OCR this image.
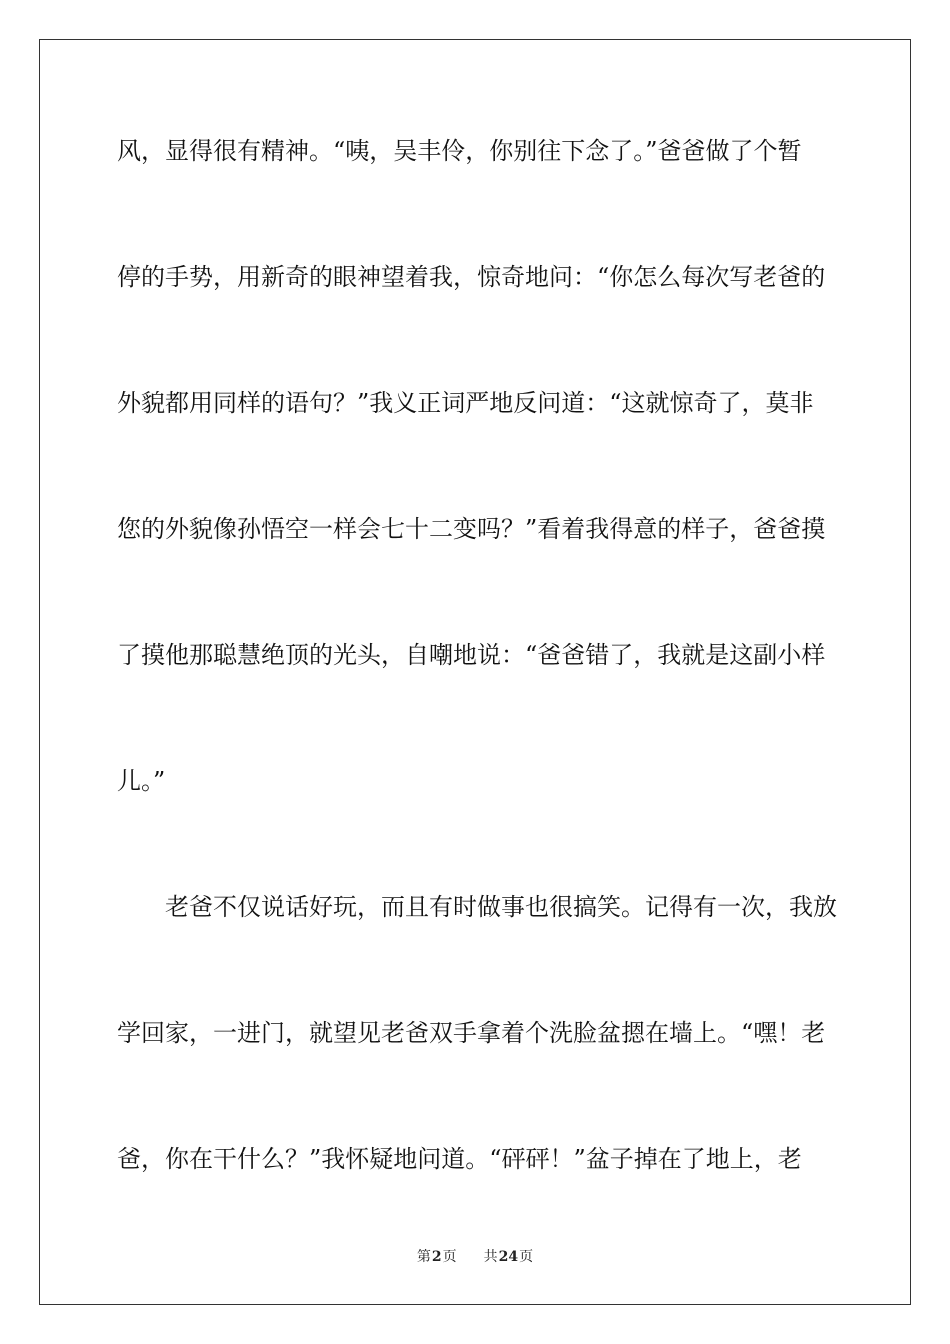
风，显得很有精神。“咦，吴丰伶，你别往下念了。”爸爸做了个暂
停的手势，用新奇的眼神望着我，惊奇地问：“你怎么每次写老爸的
外貌都用同样的语句？”我义正词严地反问道：“这就惊奇了，莫非
您的外貌像孙悟空一样会七十二变吗？”看着我得意的样子，爸爸摸
了摸他那聪慧绝顶的光头，自嘲地说：“爸爸错了，我就是这副小样
儿。”
老爸不仅说话好玩，而且有时做事也很搞笑。记得有一次，我放
学回家，一进门，就望见老爸双手拿着个洗脸盆摁在墙上。“嘿！老
爸，你在干什么？”我怀疑地问道。“砰砰！”盆子掉在了地上，老
第2页 共24页
